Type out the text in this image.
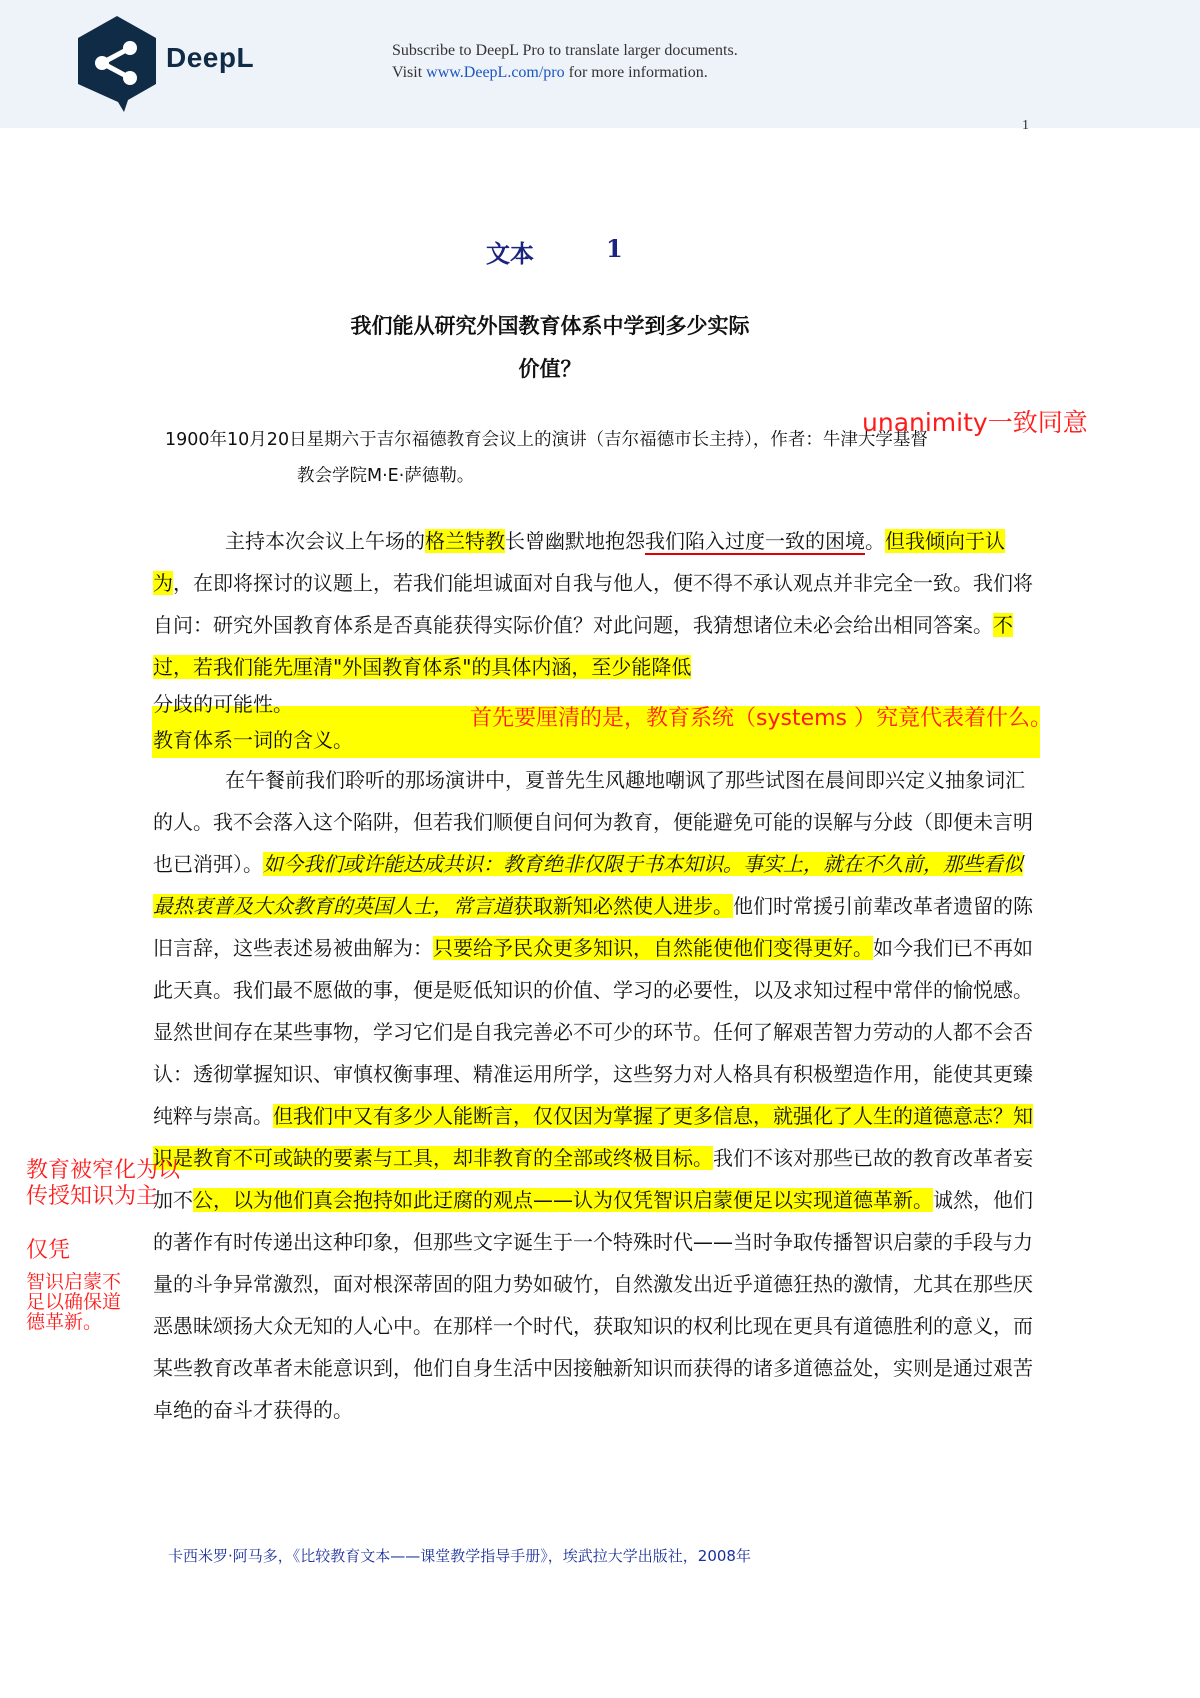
DeepL	Subscribe to DeepL Pro to translate larger documents.
Visit www.DeepL.com/pro for more information.
1
文本	1
我们能从研究外国教育体系中学到多少实际
价值？
1900年10月20日星期六于吉尔福德教育会议上的演讲（吉尔福德市长主持），作者：牛津大学基督
教会学院M·E·萨德勒。
unanimity一致同意

主持本次会议上午场的格兰特教长曾幽默地抱怨我们陷入过度一致的困境。但我倾向于认为，在即将探讨的议题上，若我们能坦诚面对自我与他人，便不得不承认观点并非完全一致。我们将自问：研究外国教育体系是否真能获得实际价值？对此问题，我猜想诸位未必会给出相同答案。不过，若我们能先厘清"外国教育体系"的具体内涵，至少能降低

分歧的可能性。

教育体系一词的含义。

首先要厘清的是，教育系统（systems ）究竟代表着什么。

在午餐前我们聆听的那场演讲中，夏普先生风趣地嘲讽了那些试图在晨间即兴定义抽象词汇的人。我不会落入这个陷阱，但若我们顺便自问何为教育，便能避免可能的误解与分歧（即便未言明也已消弭）。如今我们或许能达成共识：教育绝非仅限于书本知识。事实上，就在不久前，那些看似最热衷普及大众教育的英国人士，常言道获取新知必然使人进步。他们时常援引前辈改革者遗留的陈旧言辞，这些表述易被曲解为：只要给予民众更多知识，自然能使他们变得更好。如今我们已不再如此天真。我们最不愿做的事，便是贬低知识的价值、学习的必要性，以及求知过程中常伴的愉悦感。显然世间存在某些事物，学习它们是自我完善必不可少的环节。任何了解艰苦智力劳动的人都不会否认：透彻掌握知识、审慎权衡事理、精准运用所学，这些努力对人格具有积极塑造作用，能使其更臻纯粹与崇高。但我们中又有多少人能断言，仅仅因为掌握了更多信息，就强化了人生的道德意志？知识是教育不可或缺的要素与工具，却非教育的全部或终极目标。我们不该对那些已故的教育改革者妄加不公，以为他们真会抱持如此迂腐的观点——认为仅凭智识启蒙便足以实现道德革新。诚然，他们的著作有时传递出这种印象，但那些文字诞生于一个特殊时代——当时争取传播智识启蒙的手段与力量的斗争异常激烈，面对根深蒂固的阻力势如破竹，自然激发出近乎道德狂热的激情，尤其在那些厌恶愚昧颂扬大众无知的人心中。在那样一个时代，获取知识的权利比现在更具有道德胜利的意义，而某些教育改革者未能意识到，他们自身生活中因接触新知识而获得的诸多道德益处，实则是通过艰苦卓绝的奋斗才获得的。

教育被窄化为以传授知识为主
仅凭
智识启蒙不足以确保道德革新。
卡西米罗·阿马多，《比较教育文本——课堂教学指导手册》，埃武拉大学出版社，2008年
